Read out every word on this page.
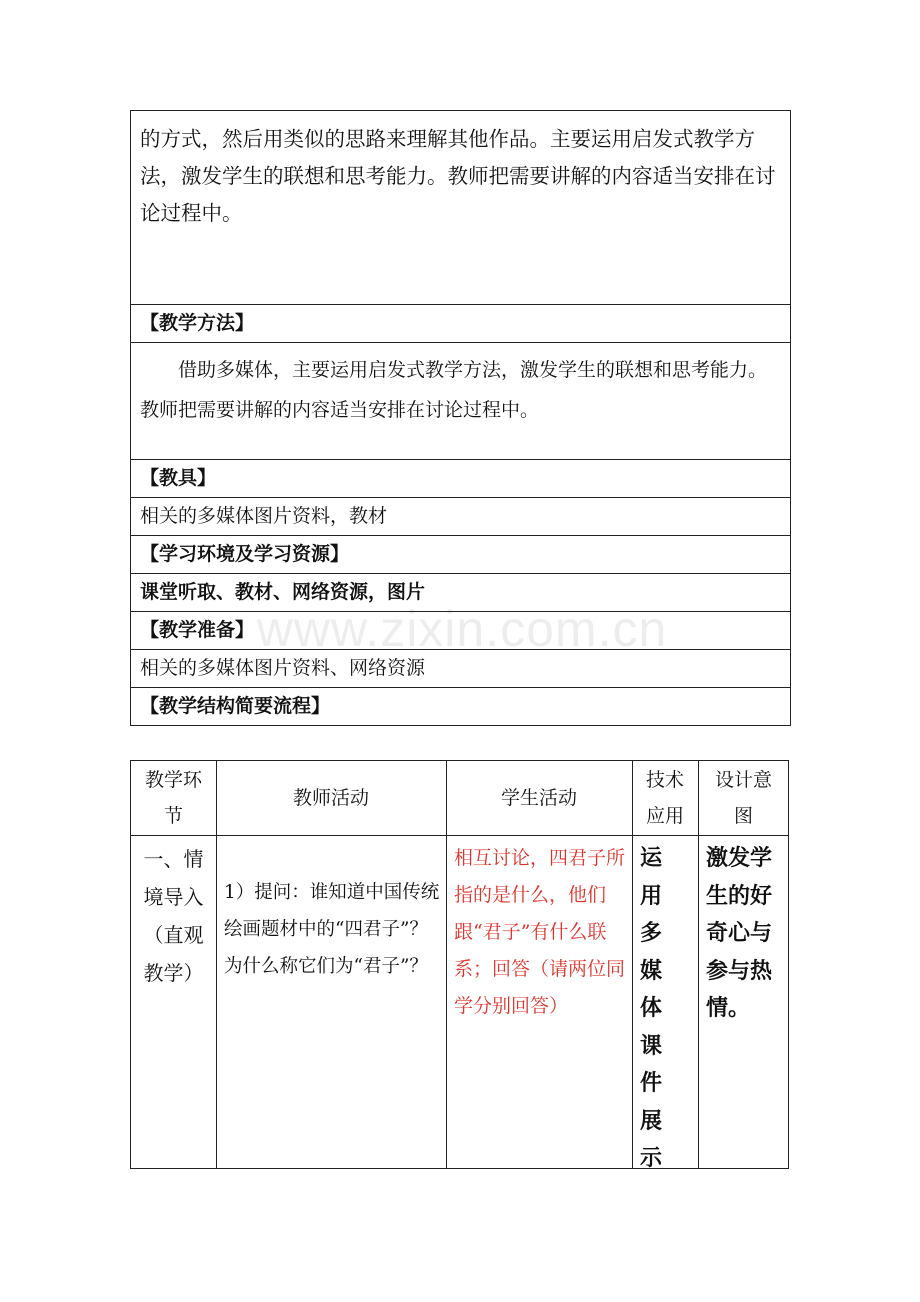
www.zixin.com.cn
的方式，然后用类似的思路来理解其他作品。主要运用启发式教学方法，激发学生的联想和思考能力。教师把需要讲解的内容适当安排在讨论过程中。
【教学方法】

借助多媒体，主要运用启发式教学方法，激发学生的联想和思考能力。教师把需要讲解的内容适当安排在讨论过程中。

【教具】
相关的多媒体图片资料，教材
【学习环境及学习资源】
课堂听取、教材、网络资源，图片
【教学准备】
相关的多媒体图片资料、网络资源
【教学结构简要流程】
教学环节
教师活动	学生活动
技术应用
设计意图
一、情境导入（直观教学）
1）提问：谁知道中国传统绘画题材中的“四君子”？为什么称它们为“君子”？
相互讨论，四君子所指的是什么，他们跟“君子”有什么联系；回答（请两位同学分别回答）
运用多媒体课件展示
激发学生的好奇心与参与热情。
